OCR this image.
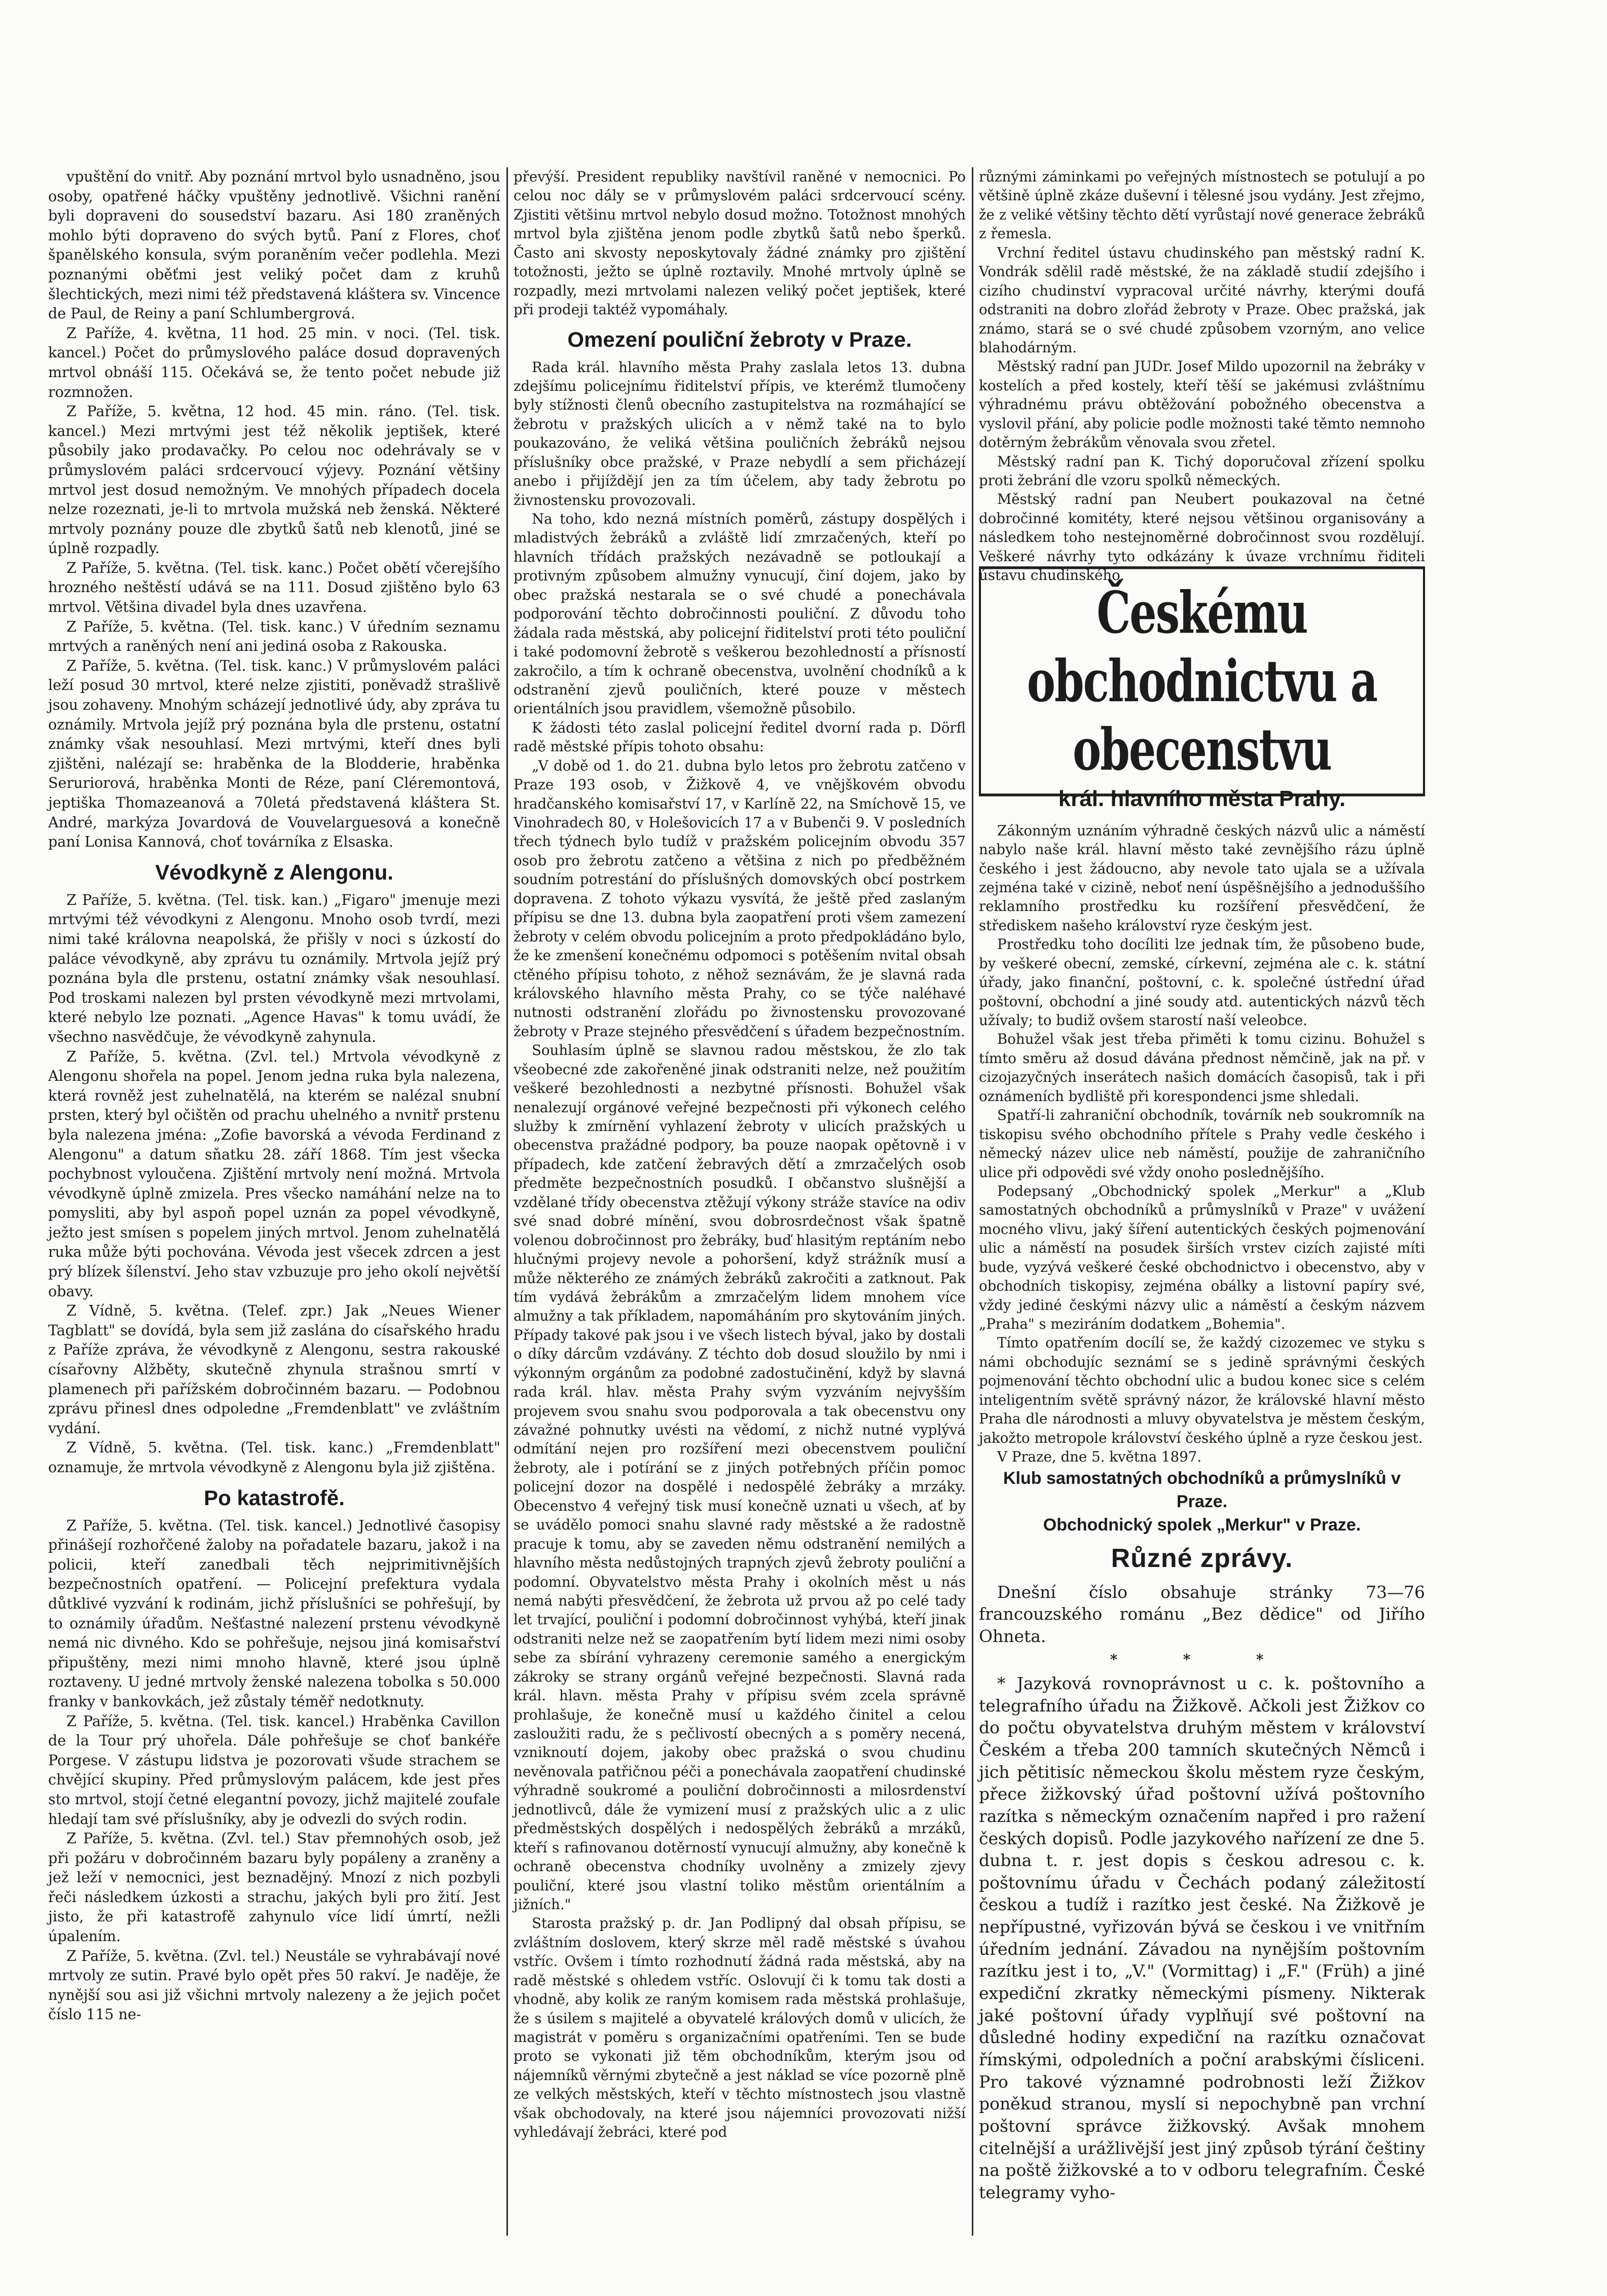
vpuštění do vnitř. Aby poznání mrtvol bylo usnadněno, jsou osoby, opatřené háčky vpuštěny jednotlivě. Všichni ranění byli dopraveni do sousedství bazaru. Asi 180 zraněných mohlo býti dopraveno do svých bytů. Paní z Flores, choť španělského konsula, svým poraněním večer podlehla. Mezi poznanými oběťmi jest veliký počet dam z kruhů šlechtických, mezi nimi též představená kláštera sv. Vincence de Paul, de Reiny a paní Schlumbergrová.

Z Paříže, 4. května, 11 hod. 25 min. v noci. (Tel. tisk. kancel.) Počet do průmyslového paláce dosud dopravených mrtvol obnáší 115. Očekává se, že tento počet nebude již rozmnožen.

Z Paříže, 5. května, 12 hod. 45 min. ráno. (Tel. tisk. kancel.) Mezi mrtvými jest též několik jeptišek, které působily jako prodavačky. Po celou noc odehrávaly se v průmyslovém paláci srdcervoucí výjevy. Poznání většiny mrtvol jest dosud nemožným. Ve mnohých případech docela nelze rozeznati, je-li to mrtvola mužská neb ženská. Některé mrtvoly poznány pouze dle zbytků šatů neb klenotů, jiné se úplně rozpadly.

Z Paříže, 5. května. (Tel. tisk. kanc.) Počet obětí včerejšího hrozného neštěstí udává se na 111. Dosud zjištěno bylo 63 mrtvol. Většina divadel byla dnes uzavřena.

Z Paříže, 5. května. (Tel. tisk. kanc.) V úředním seznamu mrtvých a raněných není ani jediná osoba z Rakouska.

Z Paříže, 5. května. (Tel. tisk. kanc.) V průmyslovém paláci leží posud 30 mrtvol, které nelze zjistiti, poněvadž strašlivě jsou zohaveny. Mnohým scházejí jednotlivé údy, aby zpráva tu oznámily. Mrtvola jejíž prý poznána byla dle prstenu, ostatní známky však nesouhlasí. Mezi mrtvými, kteří dnes byli zjištěni, nalézají se: hraběnka de la Blodderie, hraběnka Seruriorová, hraběnka Monti de Réze, paní Cléremontová, jeptiška Thomazeanová a 70letá představená kláštera St. André, markýza Jovardová de Vouvelarguesová a konečně paní Lonisa Kannová, choť továrníka z Elsaska.

Vévodkyně z Alengonu.

Z Paříže, 5. května. (Tel. tisk. kan.) „Figaro" jmenuje mezi mrtvými též vévodkyni z Alengonu. Mnoho osob tvrdí, mezi nimi také královna neapolská, že přišly v noci s úzkostí do paláce vévodkyně, aby zprávu tu oznámily. Mrtvola jejíž prý poznána byla dle prstenu, ostatní známky však nesouhlasí. Pod troskami nalezen byl prsten vévodkyně mezi mrtvolami, které nebylo lze poznati. „Agence Havas" k tomu uvádí, že všechno nasvědčuje, že vévodkyně zahynula.

Z Paříže, 5. května. (Zvl. tel.) Mrtvola vévodkyně z Alengonu shořela na popel. Jenom jedna ruka byla nalezena, která rovněž jest zuhelnatělá, na kterém se nalézal snubní prsten, který byl očištěn od prachu uhelného a nvnitř prstenu byla nalezena jména: „Zofie bavorská a vévoda Ferdinand z Alengonu" a datum sňatku 28. září 1868. Tím jest všecka pochybnost vyloučena. Zjištění mrtvoly není možná. Mrtvola vévodkyně úplně zmizela. Pres všecko namáhání nelze na to pomysliti, aby byl aspoň popel uznán za popel vévodkyně, ježto jest smísen s popelem jiných mrtvol. Jenom zuhelnatělá ruka může býti pochována. Vévoda jest všecek zdrcen a jest prý blízek šílenství. Jeho stav vzbuzuje pro jeho okolí největší obavy.

Z Vídně, 5. května. (Telef. zpr.) Jak „Neues Wiener Tagblatt" se dovídá, byla sem již zaslána do císařského hradu z Paříže zpráva, že vévodkyně z Alengonu, sestra rakouské císařovny Alžběty, skutečně zhynula strašnou smrtí v plamenech při pařížském dobročinném bazaru. — Podobnou zprávu přinesl dnes odpoledne „Fremdenblatt" ve zvláštním vydání.

Z Vídně, 5. května. (Tel. tisk. kanc.) „Fremdenblatt" oznamuje, že mrtvola vévodkyně z Alengonu byla již zjištěna.

Po katastrofě.

Z Paříže, 5. května. (Tel. tisk. kancel.) Jednotlivé časopisy přinášejí rozhořčené žaloby na pořadatele bazaru, jakož i na policii, kteří zanedbali těch nejprimitivnějších bezpečnostních opatření. — Policejní prefektura vydala důtklivé vyzvání k rodinám, jichž příslušníci se pohřešují, by to oznámily úřadům. Nešťastné nalezení prstenu vévodkyně nemá nic divného. Kdo se pohřešuje, nejsou jiná komisařství připuštěny, mezi nimi mnoho hlavně, které jsou úplně roztaveny. U jedné mrtvoly ženské nalezena tobolka s 50.000 franky v bankovkách, jež zůstaly téměř nedotknuty.

Z Paříže, 5. května. (Tel. tisk. kancel.) Hraběnka Cavillon de la Tour prý uhořela. Dále pohřešuje se choť bankéře Porgese. V zástupu lidstva je pozorovati všude strachem se chvějící skupiny. Před průmyslovým palácem, kde jest přes sto mrtvol, stojí četné elegantní povozy, jichž majitelé zoufale hledají tam své příslušníky, aby je odvezli do svých rodin.

Z Paříže, 5. května. (Zvl. tel.) Stav přemnohých osob, jež při požáru v dobročinném bazaru byly popáleny a zraněny a jež leží v nemocnici, jest beznadějný. Mnozí z nich pozbyli řeči následkem úzkosti a strachu, jakých byli pro žití. Jest jisto, že při katastrofě zahynulo více lidí úmrtí, nežli úpalením.

Z Paříže, 5. května. (Zvl. tel.) Neustále se vyhrabávají nové mrtvoly ze sutin. Pravé bylo opět přes 50 rakví. Je naděje, že nynější sou asi již všichni mrtvoly nalezeny a že jejich počet číslo 115 ne-

převýší. President republiky navštívil raněné v nemocnici. Po celou noc dály se v průmyslovém paláci srdcervoucí scény. Zjistiti většinu mrtvol nebylo dosud možno. Totožnost mnohých mrtvol byla zjištěna jenom podle zbytků šatů nebo šperků. Často ani skvosty neposkytovaly žádné známky pro zjištění totožnosti, ježto se úplně roztavily. Mnohé mrtvoly úplně se rozpadly, mezi mrtvolami nalezen veliký počet jeptišek, které při prodeji taktéž vypomáhaly.

Omezení pouliční žebroty v Praze.

Rada král. hlavního města Prahy zaslala letos 13. dubna zdejšímu policejnímu řiditelství přípis, ve kterémž tlumočeny byly stížnosti členů obecního zastupitelstva na rozmáhající se žebrotu v pražských ulicích a v němž také na to bylo poukazováno, že veliká většina pouličních žebráků nejsou příslušníky obce pražské, v Praze nebydlí a sem přicházejí anebo i přijíždějí jen za tím účelem, aby tady žebrotu po živnostensku provozovali.

Na toho, kdo nezná místních poměrů, zástupy dospělých i mladistvých žebráků a zvláště lidí zmrzačených, kteří po hlavních třídách pražských nezávadně se potloukají a protivným způsobem almužny vynucují, činí dojem, jako by obec pražská nestarala se o své chudé a ponechávala podporování těchto dobročinnosti pouliční. Z důvodu toho žádala rada městská, aby policejní řiditelství proti této pouliční i také podomovní žebrotě s veškerou bezohledností a přísností zakročilo, a tím k ochraně obecenstva, uvolnění chodníků a k odstranění zjevů pouličních, které pouze v městech orientálních jsou pravidlem, všemožně působilo.

K žádosti této zaslal policejní ředitel dvorní rada p. Dörfl radě městské přípis tohoto obsahu:

„V době od 1. do 21. dubna bylo letos pro žebrotu zatčeno v Praze 193 osob, v Žižkově 4, ve vnějškovém obvodu hradčanského komisařství 17, v Karlíně 22, na Smíchově 15, ve Vinohradech 80, v Holešovicích 17 a v Bubenči 9. V posledních třech týdnech bylo tudíž v pražském policejním obvodu 357 osob pro žebrotu zatčeno a většina z nich po předběžném soudním potrestání do příslušných domovských obcí postrkem dopravena. Z tohoto výkazu vysvítá, že ještě před zaslaným přípisu se dne 13. dubna byla zaopatření proti všem zamezení žebroty v celém obvodu policejním a proto předpokládáno bylo, že ke zmenšení konečnému odpomoci s potěšením nvital obsah ctěného přípisu tohoto, z něhož seznávám, že je slavná rada královského hlavního města Prahy, co se týče naléhavé nutnosti odstranění zlořádu po živnostensku provozované žebroty v Praze stejného přesvědčení s úřadem bezpečnostním.

Souhlasím úplně se slavnou radou městskou, že zlo tak všeobecné zde zakořeněné jinak odstraniti nelze, než použitím veškeré bezohlednosti a nezbytné přísnosti. Bohužel však nenalezují orgánové veřejné bezpečnosti při výkonech celého služby k zmírnění vyhlazení žebroty v ulicích pražských u obecenstva pražádné podpory, ba pouze naopak opětovně i v případech, kde zatčení žebravých dětí a zmrzačelých osob předměte bezpečnostních posudků. I občanstvo slušnější a vzdělané třídy obecenstva ztěžují výkony stráže stavíce na odiv své snad dobré mínění, svou dobrosrdečnost však špatně volenou dobročinnost pro žebráky, buď hlasitým reptáním nebo hlučnými projevy nevole a pohoršení, když strážník musí a může některého ze známých žebráků zakročiti a zatknout. Pak tím vydává žebrákům a zmrzačelým lidem mnohem více almužny a tak příkladem, napomáháním pro skytováním jiných. Případy takové pak jsou i ve všech listech býval, jako by dostali o díky dárcům vzdávány. Z téchto dob dosud sloužilo by nmi i výkonným orgánům za podobné zadostučinění, když by slavná rada král. hlav. města Prahy svým vyzváním nejvyšším projevem svou snahu svou podporovala a tak obecenstvu ony závažné pohnutky uvésti na vědomí, z nichž nutné vyplývá odmítání nejen pro rozšíření mezi obecenstvem pouliční žebroty, ale i potírání se z jiných potřebných příčin pomoc policejní dozor na dospělé i nedospělé žebráky a mrzáky. Obecenstvo 4 veřejný tisk musí konečně uznati u všech, ať by se uvádělo pomoci snahu slavné rady městské a že radostně pracuje k tomu, aby se zaveden němu odstranění nemilých a hlavního města nedůstojných trapných zjevů žebroty pouliční a podomní. Obyvatelstvo města Prahy i okolních měst u nás nemá nabýti přesvědčení, že žebrota už prvou až po celé tady let trvající, pouliční i podomní dobročinnost vyhýbá, kteří jinak odstraniti nelze než se zaopatřením bytí lidem mezi nimi osoby sebe za sbírání vyhrazeny ceremonie samého a energickým zákroky se strany orgánů veřejné bezpečnosti. Slavná rada král. hlavn. města Prahy v přípisu svém zcela správně prohlašuje, že konečně musí u každého činitel a celou zasloužiti radu, že s pečlivostí obecných a s poměry necená, vzniknoutí dojem, jakoby obec pražská o svou chudinu nevěnovala patřičnou péči a ponechávala zaopatření chudinské výhradně soukromé a pouliční dobročinnosti a milosrdenství jednotlivců, dále že vymizení musí z pražských ulic a z ulic předměstských dospělých i nedospělých žebráků a mrzáků, kteří s rafinovanou dotěrností vynucují almužny, aby konečně k ochraně obecenstva chodníky uvolněny a zmizely zjevy pouliční, které jsou vlastní toliko městům orientálním a jižních."

Starosta pražský p. dr. Jan Podlipný dal obsah přípisu, se zvláštním doslovem, který skrze měl radě městské s úvahou vstříc. Ovšem i tímto rozhodnutí žádná rada městská, aby na radě městské s ohledem vstříc. Oslovují či k tomu tak dosti a vhodně, aby kolik ze raným komisem rada městská prohlašuje, že s úsilem s majitelé a obyvatelé králových domů v ulicích, že magistrát v poměru s organizačními opatřeními. Ten se bude proto se vykonati již těm obchodníkům, kterým jsou od nájemníků věrnými zbytečně a jest náklad se více pozorně plně ze velkých městských, kteří v těchto místnostech jsou vlastně však obchodovaly, na které jsou nájemníci provozovati nižší vyhledávají žebráci, které pod

různými záminkami po veřejných místnostech se potulují a po většině úplně zkáze duševní i tělesné jsou vydány. Jest zřejmo, že z veliké většiny těchto dětí vyrůstají nové generace žebráků z řemesla.

Vrchní ředitel ústavu chudinského pan městský radní K. Vondrák sdělil radě městské, že na základě studií zdejšího i cizího chudinství vypracoval určité návrhy, kterými doufá odstraniti na dobro zlořád žebroty v Praze. Obec pražská, jak známo, stará se o své chudé způsobem vzorným, ano velice blahodárným.

Městský radní pan JUDr. Josef Mildo upozornil na žebráky v kostelích a před kostely, kteří těší se jakémusi zvláštnímu výhradnému právu obtěžování pobožného obecenstva a vyslovil přání, aby policie podle možnosti také těmto nemnoho dotěrným žebrákům věnovala svou zřetel.

Městský radní pan K. Tichý doporučoval zřízení spolku proti žebrání dle vzoru spolků německých.

Městský radní pan Neubert poukazoval na četné dobročinné komitéty, které nejsou většinou organisovány a následkem toho nestejnoměrné dobročinnost svou rozdělují. Veškeré návrhy tyto odkázány k úvaze vrchnímu řiditeli ústavu chudinského.

Českému obchodnictvu a obecenstvu
král. hlavního města Prahy.

Zákonným uznáním výhradně českých názvů ulic a náměstí nabylo naše král. hlavní město také zevnějšího rázu úplně českého i jest žádoucno, aby nevole tato ujala se a užívala zejména také v cizině, neboť není úspěšnějšího a jednoduššího reklamního prostředku ku rozšíření přesvědčení, že střediskem našeho království ryze českým jest.

Prostředku toho docíliti lze jednak tím, že působeno bude, by veškeré obecní, zemské, církevní, zejména ale c. k. státní úřady, jako finanční, poštovní, c. k. společné ústřední úřad poštovní, obchodní a jiné soudy atd. autentických názvů těch užívaly; to budiž ovšem starostí naší veleobce.

Bohužel však jest třeba přiměti k tomu cizinu. Bohužel s tímto směru až dosud dávána přednost němčině, jak na př. v cizojazyčných inserátech našich domácích časopisů, tak i při oznámeních bydliště při korespondenci jsme shledali.

Spatří-li zahraniční obchodník, továrník neb soukromník na tiskopisu svého obchodního přítele s Prahy vedle českého i německý název ulice neb náměstí, použije de zahraničního ulice při odpovědi své vždy onoho poslednějšího.

Podepsaný „Obchodnický spolek „Merkur" a „Klub samostatných obchodníků a průmyslníků v Praze" v uvážení mocného vlivu, jaký šíření autentických českých pojmenování ulic a náměstí na posudek širších vrstev cizích zajisté míti bude, vyzývá veškeré české obchodnictvo i obecenstvo, aby v obchodních tiskopisy, zejména obálky a listovní papíry své, vždy jediné českými názvy ulic a náměstí a českým názvem „Praha" s meziráním dodatkem „Bohemia".

Tímto opatřením docílí se, že každý cizozemec ve styku s námi obchodujíc seznámí se s jedině správnými českých pojmenování těchto obchodní ulic a budou konec sice s celém inteligentním světě správný názor, že královské hlavní město Praha dle národnosti a mluvy obyvatelstva je městem českým, jakožto metropole království českého úplně a ryze českou jest.

V Praze, dne 5. května 1897.

Klub samostatných obchodníků a průmyslníků v Praze.

Obchodnický spolek „Merkur" v Praze.

Různé zprávy.

Dnešní číslo obsahuje stránky 73—76 francouzského románu „Bez dědice" od Jiřího Ohneta.

* * *

* Jazyková rovnoprávnost u c. k. poštovního a telegrafního úřadu na Žižkově. Ačkoli jest Žižkov co do počtu obyvatelstva druhým městem v království Českém a třeba 200 tamních skutečných Němců i jich pětitisíc německou školu městem ryze českým, přece žižkovský úřad poštovní užívá poštovního razítka s německým označením napřed i pro ražení českých dopisů. Podle jazykového nařízení ze dne 5. dubna t. r. jest dopis s českou adresou c. k. poštovnímu úřadu v Čechách podaný záležitostí českou a tudíž i razítko jest české. Na Žižkově je nepřípustné, vyřizován bývá se českou i ve vnitřním úředním jednání. Závadou na nynějším poštovním razítku jest i to, „V." (Vormittag) i „F." (Früh) a jiné expediční zkratky německými písmeny. Nikterak jaké poštovní úřady vyplňují své poštovní na důsledné hodiny expediční na razítku označovat římskými, odpoledních a poční arabskými čísliceni. Pro takové významné podrobnosti leží Žižkov poněkud stranou, myslí si nepochybně pan vrchní poštovní správce žižkovský. Avšak mnohem citelnější a urážlivější jest jiný způsob týrání češtiny na poště žižkovské a to v odboru telegrafním. České telegramy vyho-
